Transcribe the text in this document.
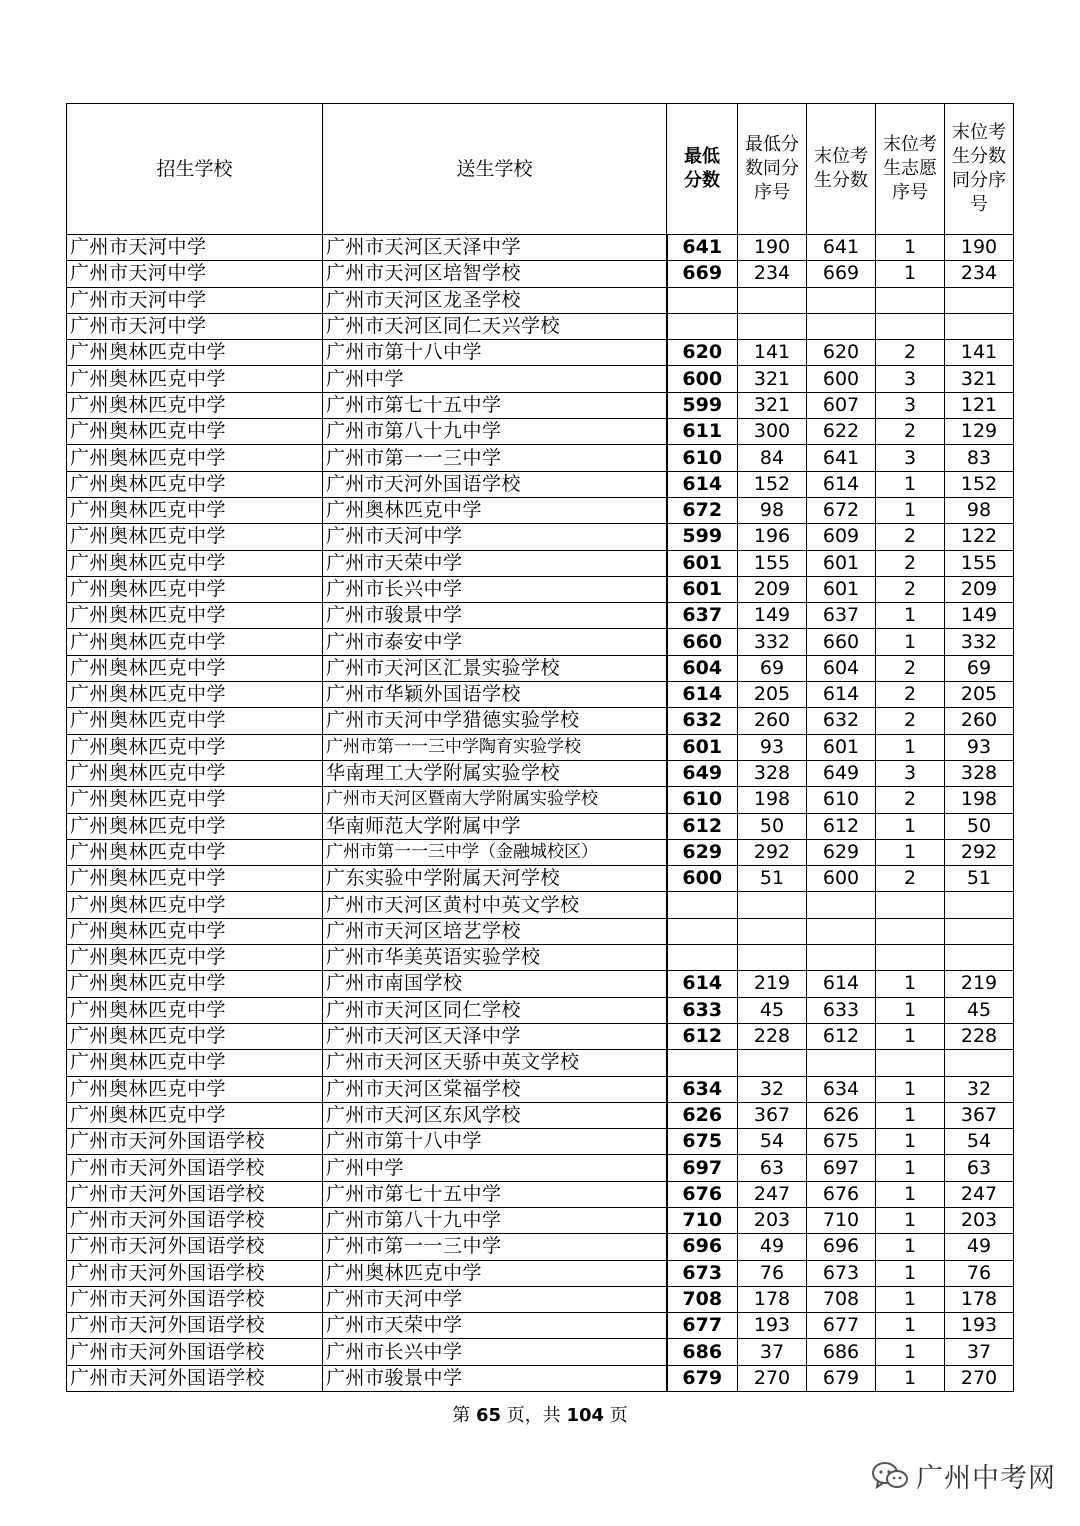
招生学校	送生学校	最低分数	最低分数同分序号	末位考生分数	末位考生志愿序号	末位考生分数同分序号

广州市天河中学	广州市天河区天泽中学	641	190	641	1	190
广州市天河中学	广州市天河区培智学校	669	234	669	1	234
广州市天河中学	广州市天河区龙圣学校					
广州市天河中学	广州市天河区同仁天兴学校					
广州奥林匹克中学	广州市第十八中学	620	141	620	2	141
广州奥林匹克中学	广州中学	600	321	600	3	321
广州奥林匹克中学	广州市第七十五中学	599	321	607	3	121
广州奥林匹克中学	广州市第八十九中学	611	300	622	2	129
广州奥林匹克中学	广州市第一一三中学	610	84	641	3	83
广州奥林匹克中学	广州市天河外国语学校	614	152	614	1	152
广州奥林匹克中学	广州奥林匹克中学	672	98	672	1	98
广州奥林匹克中学	广州市天河中学	599	196	609	2	122
广州奥林匹克中学	广州市天荣中学	601	155	601	2	155
广州奥林匹克中学	广州市长兴中学	601	209	601	2	209
广州奥林匹克中学	广州市骏景中学	637	149	637	1	149
广州奥林匹克中学	广州市泰安中学	660	332	660	1	332
广州奥林匹克中学	广州市天河区汇景实验学校	604	69	604	2	69
广州奥林匹克中学	广州市华颖外国语学校	614	205	614	2	205
广州奥林匹克中学	广州市天河中学猎德实验学校	632	260	632	2	260
广州奥林匹克中学	广州市第一一三中学陶育实验学校	601	93	601	1	93
广州奥林匹克中学	华南理工大学附属实验学校	649	328	649	3	328
广州奥林匹克中学	广州市天河区暨南大学附属实验学校	610	198	610	2	198
广州奥林匹克中学	华南师范大学附属中学	612	50	612	1	50
广州奥林匹克中学	广州市第一一三中学（金融城校区）	629	292	629	1	292
广州奥林匹克中学	广东实验中学附属天河学校	600	51	600	2	51
广州奥林匹克中学	广州市天河区黄村中英文学校					
广州奥林匹克中学	广州市天河区培艺学校					
广州奥林匹克中学	广州市华美英语实验学校					
广州奥林匹克中学	广州市南国学校	614	219	614	1	219
广州奥林匹克中学	广州市天河区同仁学校	633	45	633	1	45
广州奥林匹克中学	广州市天河区天泽中学	612	228	612	1	228
广州奥林匹克中学	广州市天河区天骄中英文学校					
广州奥林匹克中学	广州市天河区棠福学校	634	32	634	1	32
广州奥林匹克中学	广州市天河区东风学校	626	367	626	1	367
广州市天河外国语学校	广州市第十八中学	675	54	675	1	54
广州市天河外国语学校	广州中学	697	63	697	1	63
广州市天河外国语学校	广州市第七十五中学	676	247	676	1	247
广州市天河外国语学校	广州市第八十九中学	710	203	710	1	203
广州市天河外国语学校	广州市第一一三中学	696	49	696	1	49
广州市天河外国语学校	广州奥林匹克中学	673	76	673	1	76
广州市天河外国语学校	广州市天河中学	708	178	708	1	178
广州市天河外国语学校	广州市天荣中学	677	193	677	1	193
广州市天河外国语学校	广州市长兴中学	686	37	686	1	37
广州市天河外国语学校	广州市骏景中学	679	270	679	1	270
第 65 页，共 104 页
广州中考网
